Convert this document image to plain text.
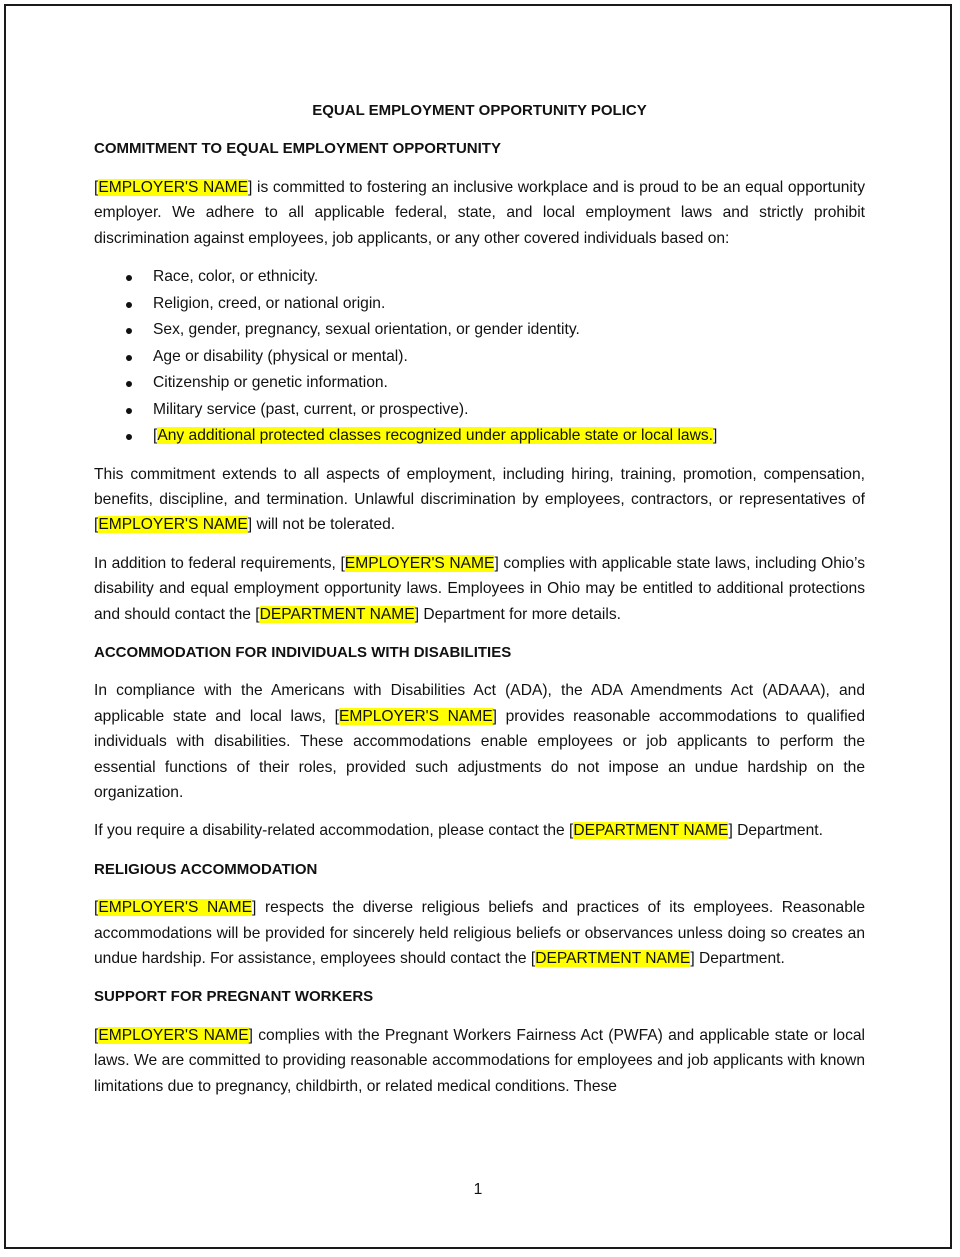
EQUAL EMPLOYMENT OPPORTUNITY POLICY
COMMITMENT TO EQUAL EMPLOYMENT OPPORTUNITY

[EMPLOYER'S NAME] is committed to fostering an inclusive workplace and is proud to be an equal opportunity employer. We adhere to all applicable federal, state, and local employment laws and strictly prohibit discrimination against employees, job applicants, or any other covered individuals based on:

Race, color, or ethnicity.
Religion, creed, or national origin.
Sex, gender, pregnancy, sexual orientation, or gender identity.
Age or disability (physical or mental).
Citizenship or genetic information.
Military service (past, current, or prospective).
[Any additional protected classes recognized under applicable state or local laws.]

This commitment extends to all aspects of employment, including hiring, training, promotion, compensation, benefits, discipline, and termination. Unlawful discrimination by employees, contractors, or representatives of [EMPLOYER'S NAME] will not be tolerated.

In addition to federal requirements, [EMPLOYER'S NAME] complies with applicable state laws, including Ohio’s disability and equal employment opportunity laws. Employees in Ohio may be entitled to additional protections and should contact the [DEPARTMENT NAME] Department for more details.

ACCOMMODATION FOR INDIVIDUALS WITH DISABILITIES

In compliance with the Americans with Disabilities Act (ADA), the ADA Amendments Act (ADAAA), and applicable state and local laws, [EMPLOYER'S NAME] provides reasonable accommodations to qualified individuals with disabilities. These accommodations enable employees or job applicants to perform the essential functions of their roles, provided such adjustments do not impose an undue hardship on the organization.

If you require a disability-related accommodation, please contact the [DEPARTMENT NAME] Department.

RELIGIOUS ACCOMMODATION

[EMPLOYER'S NAME] respects the diverse religious beliefs and practices of its employees. Reasonable accommodations will be provided for sincerely held religious beliefs or observances unless doing so creates an undue hardship. For assistance, employees should contact the [DEPARTMENT NAME] Department.

SUPPORT FOR PREGNANT WORKERS

[EMPLOYER'S NAME] complies with the Pregnant Workers Fairness Act (PWFA) and applicable state or local laws. We are committed to providing reasonable accommodations for employees and job applicants with known limitations due to pregnancy, childbirth, or related medical conditions. These

1
